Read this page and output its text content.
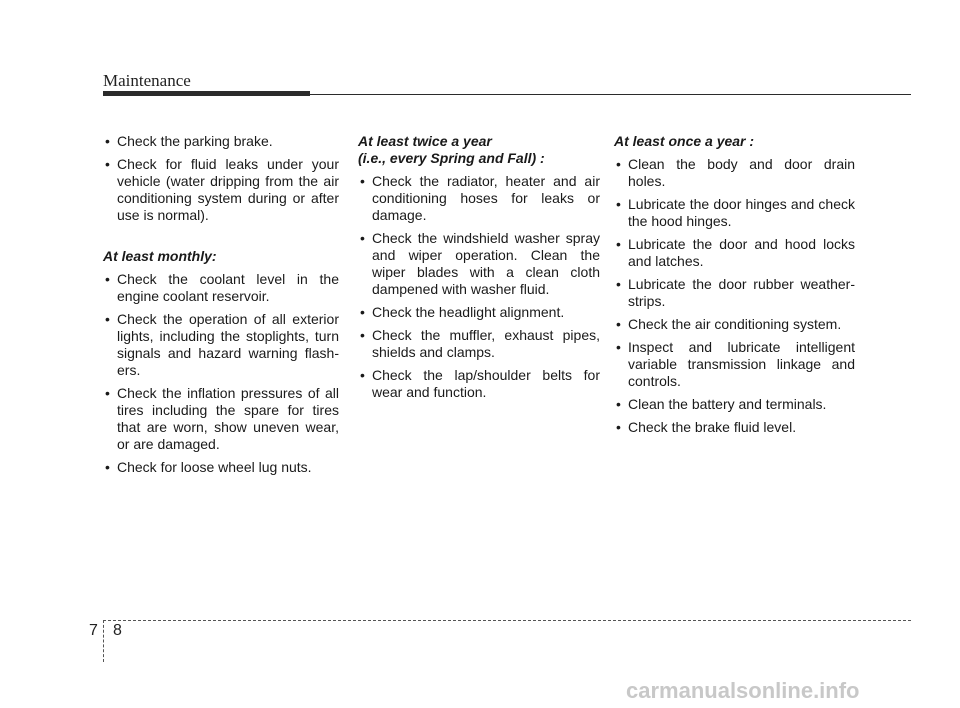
Maintenance
• Check the parking brake.
• Check for fluid leaks under your vehicle (water dripping from the air conditioning system during or after use is normal).
At least monthly:
• Check the coolant level in the engine coolant reservoir.
• Check the operation of all exterior lights, including the stoplights, turn signals and hazard warning flash-ers.
• Check the inflation pressures of all tires including the spare for tires that are worn, show uneven wear, or are damaged.
• Check for loose wheel lug nuts.
At least twice a year
(i.e., every Spring and Fall) :
• Check the radiator, heater and air conditioning hoses for leaks or damage.
• Check the windshield washer spray and wiper operation. Clean the wiper blades with a clean cloth dampened with washer fluid.
• Check the headlight alignment.
• Check the muffler, exhaust pipes, shields and clamps.
• Check the lap/shoulder belts for wear and function.
At least once a year :
• Clean the body and door drain holes.
• Lubricate the door hinges and check the hood hinges.
• Lubricate the door and hood locks and latches.
• Lubricate the door rubber weather-strips.
• Check the air conditioning system.
• Inspect and lubricate intelligent variable transmission linkage and controls.
• Clean the battery and terminals.
• Check the brake fluid level.
7 8
carmanualsonline.info
